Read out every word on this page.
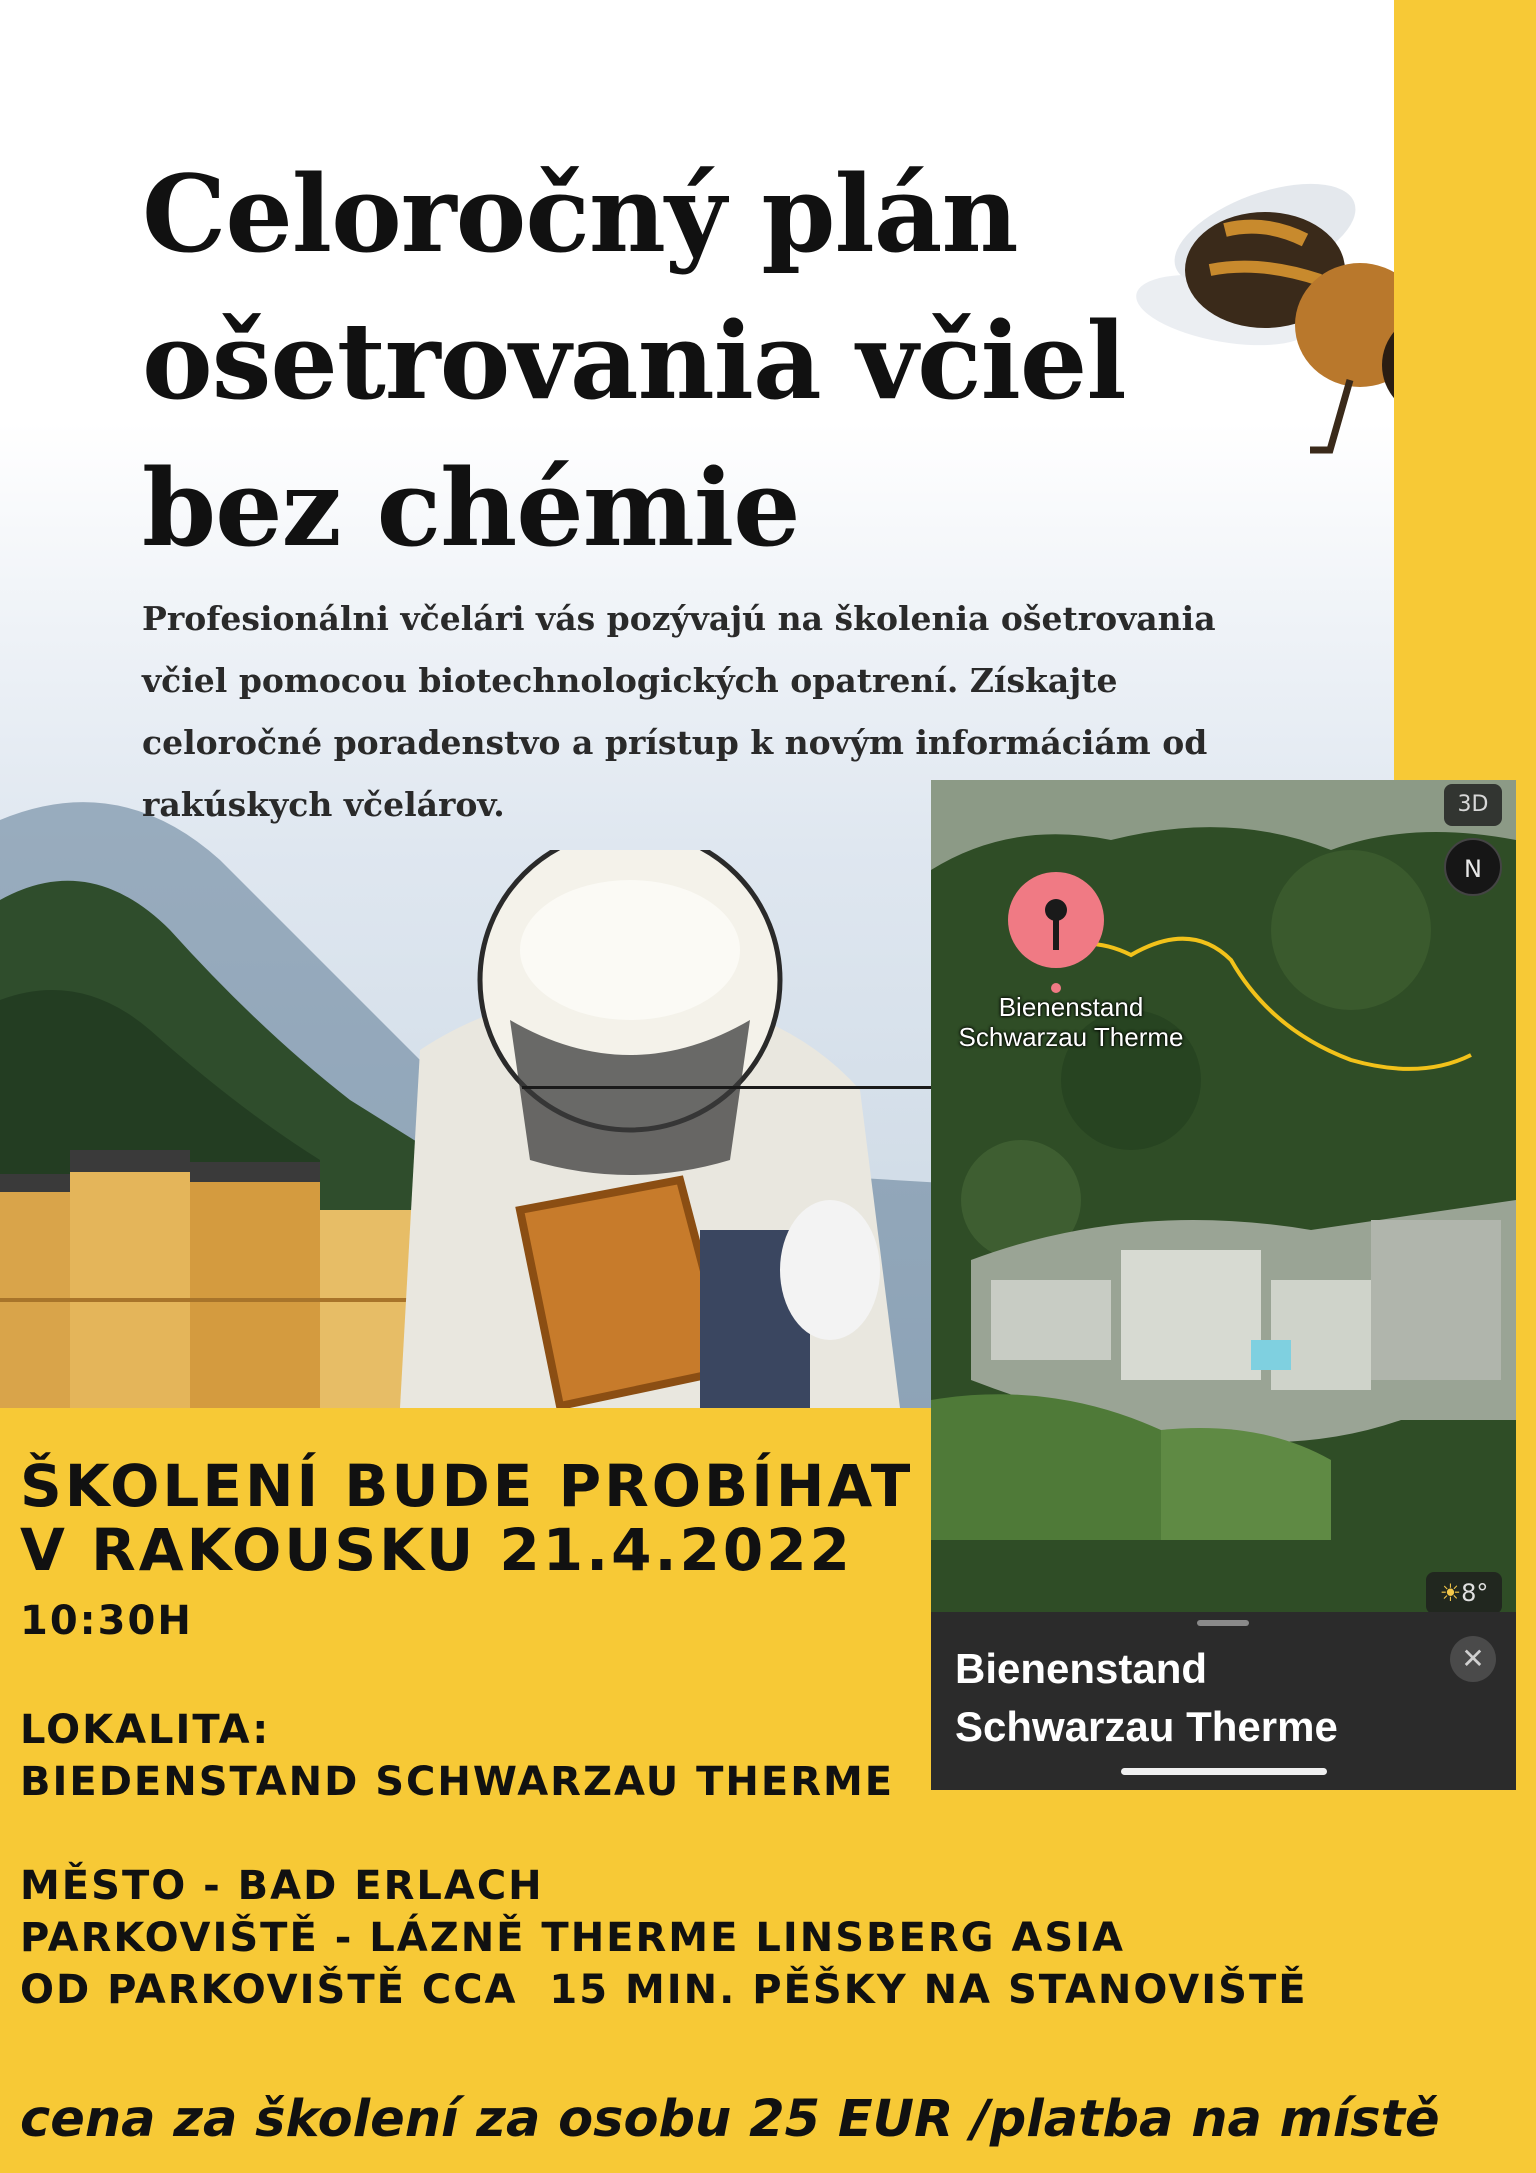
Celoročný plán ošetrovania včiel bez chémie
Profesionálni včelári vás pozývajú na školenia ošetrovania včiel pomocou biotechnologických opatrení. Získajte celoročné poradenstvo a prístup k novým informáciám od rakúskych včelárov.	3D
N
Bienenstand
Schwarzau Therme
☀8°
Bienenstand
Schwarzau Therme
✕
ŠKOLENÍ BUDE PROBÍHAT V RAKOUSKU 21.4.2022
10:30H
LOKALITA:
BIEDENSTAND SCHWARZAU THERME
MĚSTO - BAD ERLACH
PARKOVIŠTĚ - LÁZNĚ THERME LINSBERG ASIA
OD PARKOVIŠTĚ CCA  15 MIN. PĚŠKY NA STANOVIŠTĚ
cena za školení za osobu 25 EUR /platba na místě
